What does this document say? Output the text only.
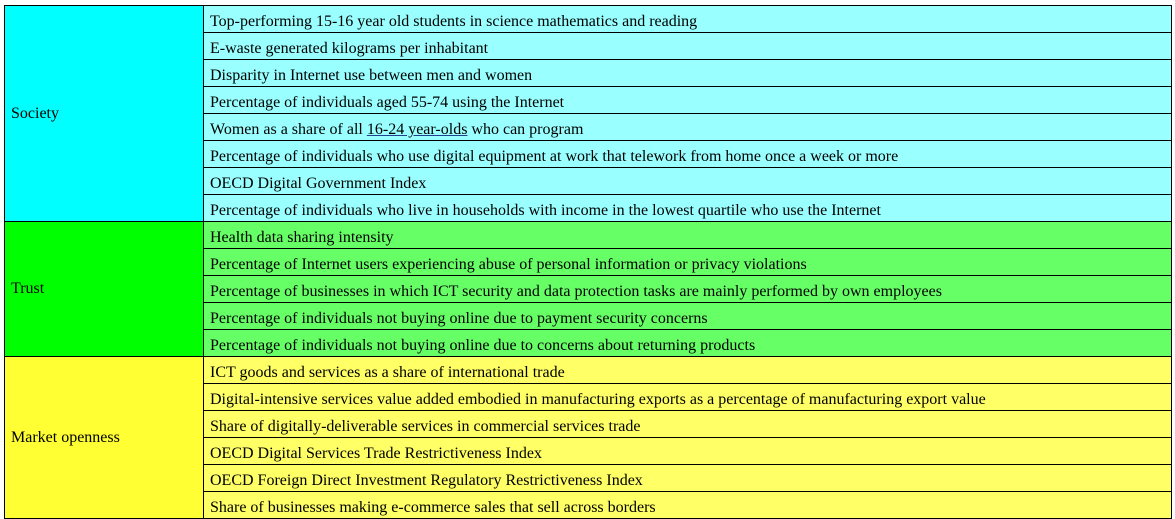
Society	Top-performing 15-16 year old students in science mathematics and reading
	E-waste generated kilograms per inhabitant
	Disparity in Internet use between men and women
	Percentage of individuals aged 55-74 using the Internet
	Women as a share of all 16-24 year-olds who can program
	Percentage of individuals who use digital equipment at work that telework from home once a week or more
	OECD Digital Government Index
	Percentage of individuals who live in households with income in the lowest quartile who use the Internet
Trust	Health data sharing intensity
	Percentage of Internet users experiencing abuse of personal information or privacy violations
	Percentage of businesses in which ICT security and data protection tasks are mainly performed by own employees
	Percentage of individuals not buying online due to payment security concerns
	Percentage of individuals not buying online due to concerns about returning products
Market openness	ICT goods and services as a share of international trade
	Digital-intensive services value added embodied in manufacturing exports as a percentage of manufacturing export value
	Share of digitally-deliverable services in commercial services trade
	OECD Digital Services Trade Restrictiveness Index
	OECD Foreign Direct Investment Regulatory Restrictiveness Index
	Share of businesses making e-commerce sales that sell across borders
